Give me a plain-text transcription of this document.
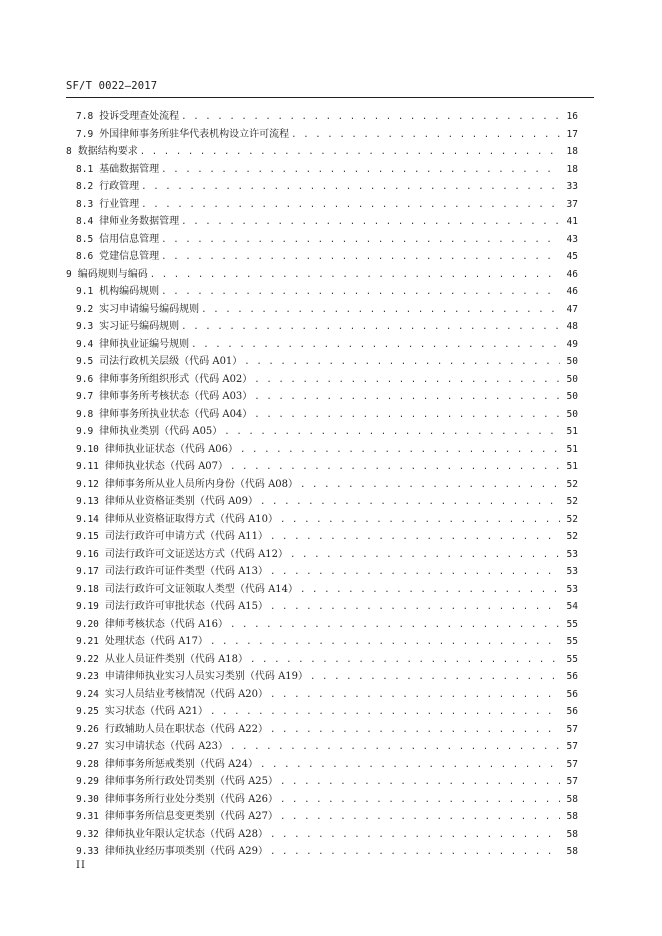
SF/T 0022—2017
7.8 投诉受理查处流程 . . .	16
7.9 外国律师事务所驻华代表机构设立许可流程 . . .	17
8 数据结构要求 . . .	18
8.1 基础数据管理 . . .	18
8.2 行政管理 . . .	33
8.3 行业管理 . . .	37
8.4 律师业务数据管理 . . .	41
8.5 信用信息管理 . . .	43
8.6 党建信息管理 . . .	45
9 编码规则与编码 . . .	46
9.1 机构编码规则 . . .	46
9.2 实习申请编号编码规则 . . .	47
9.3 实习证号编码规则 . . .	48
9.4 律师执业证编号规则 . . .	49
9.5 司法行政机关层级（代码 A01） . . .	50
9.6 律师事务所组织形式（代码 A02） . . .	50
9.7 律师事务所考核状态（代码 A03） . . .	50
9.8 律师事务所执业状态（代码 A04） . . .	50
9.9 律师执业类别（代码 A05） . . .	51
9.10 律师执业证状态（代码 A06） . . .	51
9.11 律师执业状态（代码 A07） . . .	51
9.12 律师事务所从业人员所内身份（代码 A08） . . .	52
9.13 律师从业资格证类别（代码 A09） . . .	52
9.14 律师从业资格证取得方式（代码 A10） . . .	52
9.15 司法行政许可申请方式（代码 A11） . . .	52
9.16 司法行政许可文证送达方式（代码 A12） . . .	53
9.17 司法行政许可证件类型（代码 A13） . . .	53
9.18 司法行政许可文证领取人类型（代码 A14） . . .	53
9.19 司法行政许可审批状态（代码 A15） . . .	54
9.20 律师考核状态（代码 A16） . . .	55
9.21 处理状态（代码 A17） . . .	55
9.22 从业人员证件类别（代码 A18） . . .	55
9.23 申请律师执业实习人员实习类别（代码 A19） . . .	56
9.24 实习人员结业考核情况（代码 A20） . . .	56
9.25 实习状态（代码 A21） . . .	56
9.26 行政辅助人员在职状态（代码 A22） . . .	57
9.27 实习申请状态（代码 A23） . . .	57
9.28 律师事务所惩戒类别（代码 A24） . . .	57
9.29 律师事务所行政处罚类别（代码 A25） . . .	57
9.30 律师事务所行业处分类别（代码 A26） . . .	58
9.31 律师事务所信息变更类别（代码 A27） . . .	58
9.32 律师执业年限认定状态（代码 A28） . . .	58
9.33 律师执业经历事项类别（代码 A29） . . .	58
II
